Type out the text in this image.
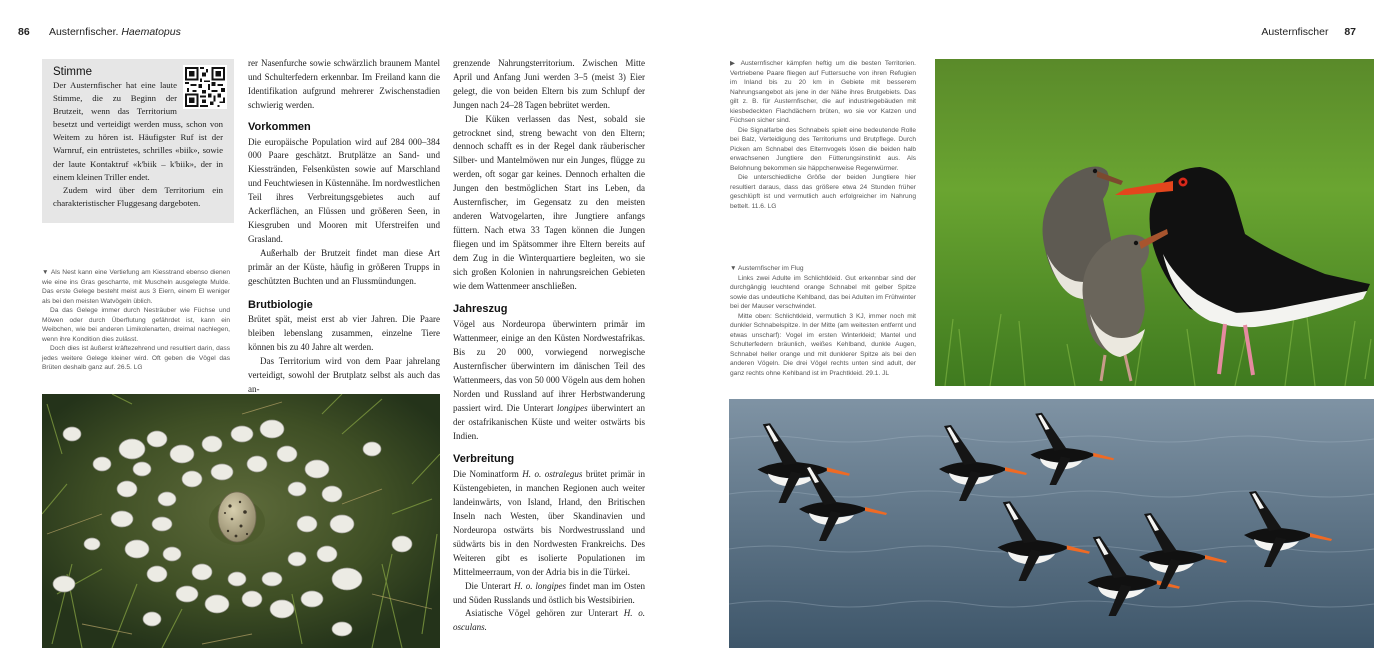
86 Austernfischer. Haematopus
Stimme

Der Austernfischer hat eine laute Stimme, die zu Beginn der Brutzeit, wenn das Territorium besetzt und verteidigt werden muss, schon von Weitem zu hören ist. Häufigster Ruf ist der Warnruf, ein entrüstetes, schrilles «biik», sowie der laute Kontaktruf «k'biik – k'biik», der in einem kleinen Triller endet.

Zudem wird über dem Territorium ein charakteristischer Fluggesang dargeboten.

▼ Als Nest kann eine Vertiefung am Kiesstrand ebenso dienen wie eine ins Gras gescharrte, mit Muscheln ausgelegte Mulde. Das erste Gelege besteht meist aus 3 Eiern, einem El weniger als bei den meisten Watvögeln üblich.

Da das Gelege immer durch Nesträuber wie Füchse und Möwen oder durch Überflutung gefährdet ist, kann ein Weibchen, wie bei anderen Limikolenarten, dreimal nachlegen, wenn ihre Kondition dies zulässt.

Doch dies ist äußerst kräftezehrend und resultiert darin, dass jedes weitere Gelege kleiner wird. Oft geben die Vögel das Brüten deshalb ganz auf. 26.5. LG

rer Nasenfurche sowie schwärzlich braunem Mantel und Schulterfedern erkennbar. Im Freiland kann die Identifikation aufgrund mehrerer Zwischenstadien schwierig werden.

Vorkommen

Die europäische Population wird auf 284 000–384 000 Paare geschätzt. Brutplätze an Sand- und Kiesstränden, Felsenküsten sowie auf Marschland und Feuchtwiesen in Küstennähe. Im nordwestlichen Teil ihres Verbreitungsgebietes auch auf Ackerflächen, an Flüssen und größeren Seen, in Kiesgruben und Mooren mit Uferstreifen und Grasland.

Außerhalb der Brutzeit findet man diese Art primär an der Küste, häufig in größeren Trupps in geschützten Buchten und an Flussmündungen.

Brutbiologie

Brütet spät, meist erst ab vier Jahren. Die Paare bleiben lebenslang zusammen, einzelne Tiere können bis zu 40 Jahre alt werden.

Das Territorium wird von dem Paar jahrelang verteidigt, sowohl der Brutplatz selbst als auch das an-

grenzende Nahrungsterritorium. Zwischen Mitte April und Anfang Juni werden 3–5 (meist 3) Eier gelegt, die von beiden Eltern bis zum Schlupf der Jungen nach 24–28 Tagen bebrütet werden.

Die Küken verlassen das Nest, sobald sie getrocknet sind, streng bewacht von den Eltern; dennoch schafft es in der Regel dank räuberischer Silber- und Mantelmöwen nur ein Junges, flügge zu werden, oft sogar gar keines. Dennoch erhalten die Jungen den bestmöglichen Start ins Leben, da Austernfischer, im Gegensatz zu den meisten anderen Watvogelarten, ihre Jungtiere anfangs füttern. Nach etwa 33 Tagen können die Jungen fliegen und im Spätsommer ihre Eltern bereits auf dem Zug in die Winterquartiere begleiten, wo sie sich großen Kolonien in nahrungsreichen Gebieten wie dem Wattenmeer anschließen.

Jahreszug

Vögel aus Nordeuropa überwintern primär im Wattenmeer, einige an den Küsten Nordwestafrikas. Bis zu 20 000, vorwiegend norwegische Austernfischer überwintern im dänischen Teil des Wattenmeers, das von 50 000 Vögeln aus dem hohen Norden und Russland auf ihrer Herbstwanderung passiert wird. Die Unterart longipes überwintert an der ostafrikanischen Küste und weiter ostwärts bis Indien.

Verbreitung

Die Nominatform H. o. ostralegus brütet primär in Küstengebieten, in manchen Regionen auch weiter landeinwärts, von Island, Irland, den Britischen Inseln nach Westen, über Skandinavien und Nordeuropa ostwärts bis Nordwestrussland und südwärts bis in den Nordwesten Frankreichs. Des Weiteren gibt es isolierte Populationen im Mittelmeerraum, von der Adria bis in die Türkei.

Die Unterart H. o. longipes findet man im Osten und Süden Russlands und östlich bis Westsibirien.

Asiatische Vögel gehören zur Unterart H. o. osculans.

Austernfischer 87

▶ Austernfischer kämpfen heftig um die besten Territorien. Vertriebene Paare fliegen auf Futtersuche von ihren Refugien im Inland bis zu 20 km in Gebiete mit besserem Nahrungsangebot als jene in der Nähe ihres Brutgebiets. Das gilt z. B. für Austernfischer, die auf industriegebäuden mit kiesbedeckten Flachdächern brüten, wo sie vor Katzen und Füchsen sicher sind.

Die Signalfarbe des Schnabels spielt eine bedeutende Rolle bei Balz, Verteidigung des Territoriums und Brutpflege. Durch Picken am Schnabel des Elternvogels lösen die beiden halb erwachsenen Jungtiere den Fütterungsinstinkt aus. Als Belohnung bekommen sie häppchenweise Regenwürmer.

Die unterschiedliche Größe der beiden Jungtiere hier resultiert daraus, dass das größere etwa 24 Stunden früher geschlüpft ist und vermutlich auch erfolgreicher im Nahrung bettelt. 11.6. LG

▼ Austernfischer im Flug

Links zwei Adulte im Schlichtkleid. Gut erkennbar sind der durchgängig leuchtend orange Schnabel mit gelber Spitze sowie das undeutliche Kehlband, das bei Adulten im Frühwinter bei der Mauser verschwindet.

Mitte oben: Schlichtkleid, vermutlich 3 KJ, immer noch mit dunkler Schnabelspitze. In der Mitte (am weitesten entfernt und etwas unscharf): Vogel im ersten Winterkleid; Mantel und Schulterfedern bräunlich, weißes Kehlband, dunkle Augen, Schnabel heller orange und mit dunklerer Spitze als bei den anderen Vögeln. Die drei Vögel rechts unten sind adult, der ganz rechts ohne Kehlband ist im Prachtkleid. 29.1. JL
